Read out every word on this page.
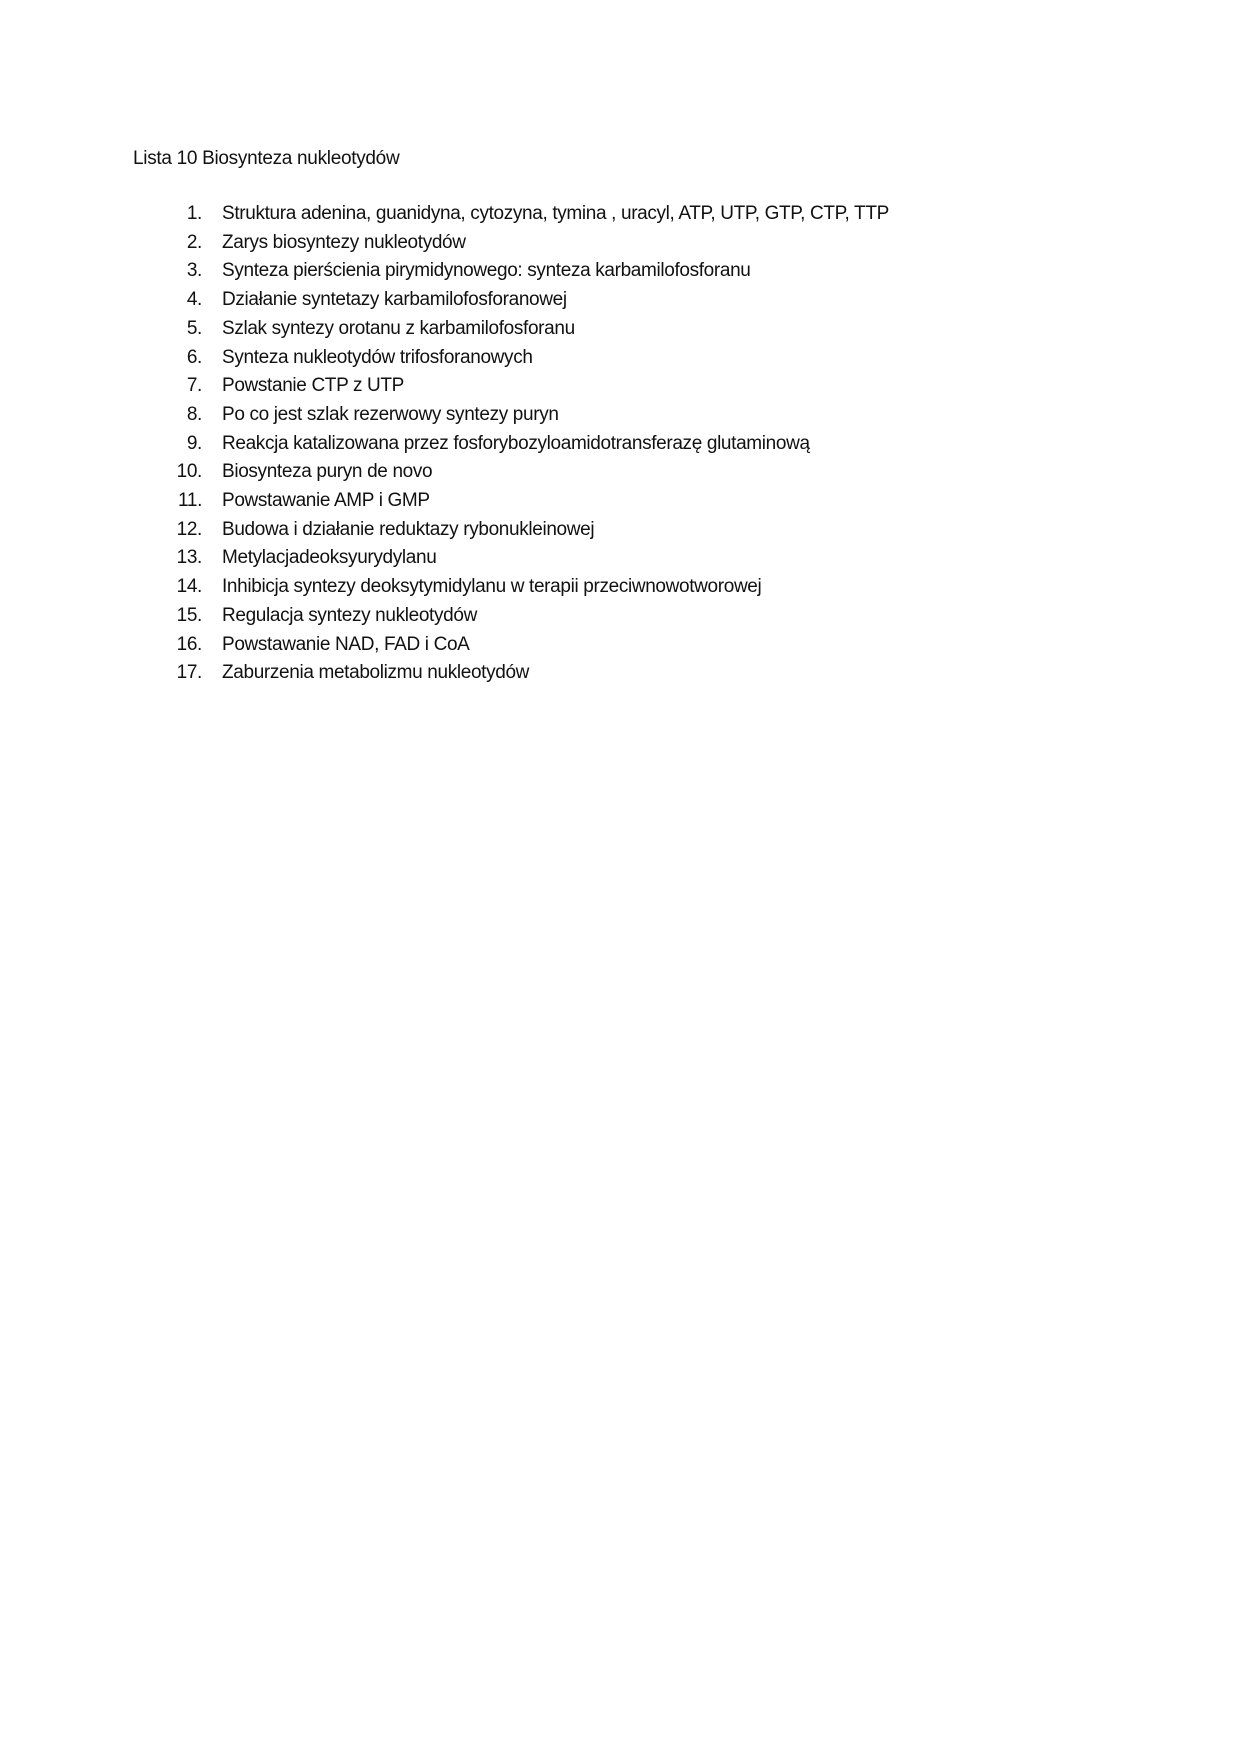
Lista 10 Biosynteza nukleotydów
1. Struktura adenina, guanidyna, cytozyna, tymina , uracyl, ATP, UTP, GTP, CTP, TTP
2. Zarys biosyntezy nukleotydów
3. Synteza pierścienia pirymidynowego: synteza karbamilofosforanu
4. Działanie syntetazy karbamilofosforanowej
5. Szlak syntezy orotanu z karbamilofosforanu
6. Synteza nukleotydów trifosforanowych
7. Powstanie CTP z UTP
8. Po co jest szlak rezerwowy syntezy puryn
9. Reakcja katalizowana przez fosforybozyloamidotransferazę glutaminową
10. Biosynteza puryn de novo
11. Powstawanie AMP i GMP
12. Budowa i działanie reduktazy rybonukleinowej
13. Metylacjadeoksyurydylanu
14. Inhibicja syntezy deoksytymidylanu w terapii przeciwnowotworowej
15. Regulacja syntezy nukleotydów
16. Powstawanie NAD, FAD i CoA
17. Zaburzenia metabolizmu nukleotydów
